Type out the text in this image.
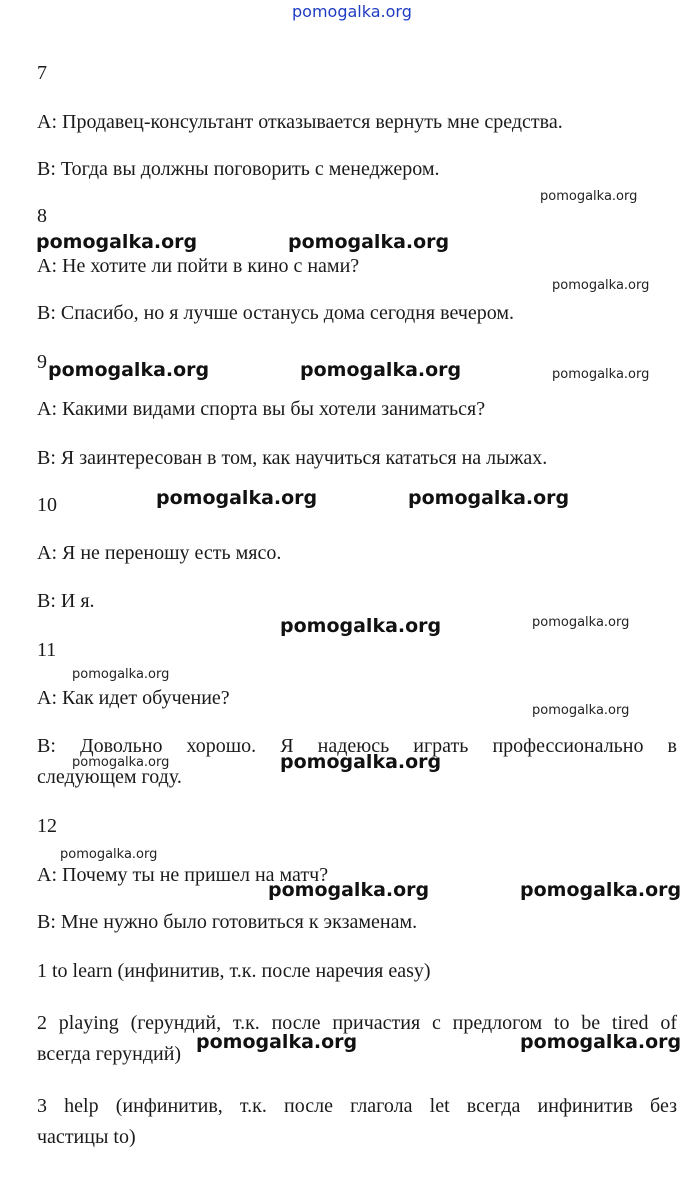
pomogalka.org
7
А: Продавец-консультант отказывается вернуть мне средства.
В: Тогда вы должны поговорить с менеджером.
8
А: Не хотите ли пойти в кино с нами?
В: Спасибо, но я лучше останусь дома сегодня вечером.
9
А: Какими видами спорта вы бы хотели заниматься?
В: Я заинтересован в том, как научиться кататься на лыжах.
10
А: Я не переношу есть мясо.
В: И я.
11
А: Как идет обучение?
В: Довольно хорошо. Я надеюсь играть профессионально в
следующем году.
12
А: Почему ты не пришел на матч?
В: Мне нужно было готовиться к экзаменам.
1 to learn (инфинитив, т.к. после наречия easy)
2 playing (герундий, т.к. после причастия с предлогом to be tired of
всегда герундий)
3 help (инфинитив, т.к. после глагола let всегда инфинитив без
частицы to)
pomogalka.org
pomogalka.org	pomogalka.org
pomogalka.org
pomogalka.org	pomogalka.org	pomogalka.org
pomogalka.org	pomogalka.org
pomogalka.org	pomogalka.org
pomogalka.org
pomogalka.org
pomogalka.org	pomogalka.org
pomogalka.org
pomogalka.org	pomogalka.org
pomogalka.org	pomogalka.org
